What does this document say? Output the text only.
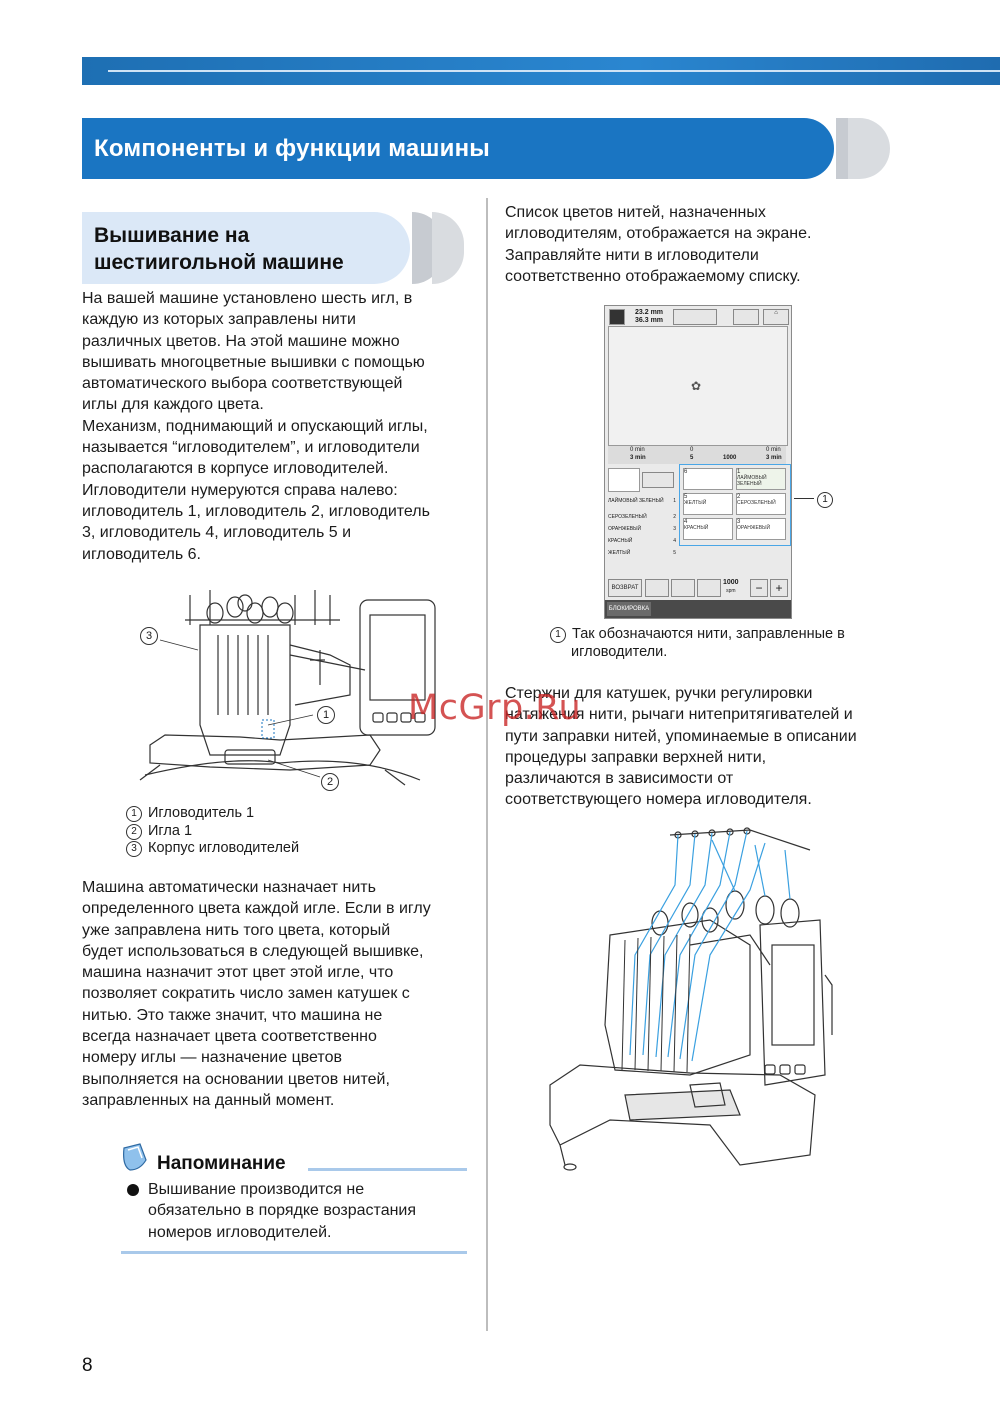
Компоненты и функции машины
Вышивание на
шестиигольной машине
На вашей машине установлено шесть игл, в
каждую из которых заправлены нити
различных цветов. На этой машине можно
вышивать многоцветные вышивки с помощью
автоматического выбора соответствующей
иглы для каждого цвета.
Механизм, поднимающий и опускающий иглы,
называется “игловодителем”, и игловодители
располагаются в корпусе игловодителей.
Игловодители нумеруются справа налево:
игловодитель 1, игловодитель 2, игловодитель
3, игловодитель 4, игловодитель 5 и
игловодитель 6.
3
1
2
1 Игловодитель 1
2 Игла 1
3 Корпус игловодителей
Машина автоматически назначает нить
определенного цвета каждой игле. Если в иглу
уже заправлена нить того цвета, который
будет использоваться в следующей вышивке,
машина назначит этот цвет этой игле, что
позволяет сократить число замен катушек с
нитью. Это также значит, что машина не
всегда назначает цвета соответственно
номеру иглы — назначение цветов
выполняется на основании цветов нитей,
заправленных на данный момент.
Напоминание
Вышивание производится не
обязательно в порядке возрастания
номеров игловодителей.
Список цветов нитей, назначенных
игловодителям, отображается на экране.
Заправляйте нити в игловодители
соответственно отображаемому списку.
23.2 mm
36.3 mm
⌂
✿
0 min
3 min
0
5	1000
0 min
3 min
6	1
ЛАЙМОВЫЙ ЗЕЛЕНЫЙ
5
ЖЕЛТЫЙ
2
СЕРОЗЕЛЕНЫЙ
4
КРАСНЫЙ
3
ОРАНЖЕВЫЙ
ЛАЙМОВЫЙ ЗЕЛЕНЫЙ 1
СЕРОЗЕЛЕНЫЙ	2
ОРАНЖЕВЫЙ	3
КРАСНЫЙ	4
ЖЕЛТЫЙ	5
ВОЗВРАТ
1000
spm	−	+
БЛОКИРОВКА
1
1 Так обозначаются нити, заправленные в
игловодители.
Стержни для катушек, ручки регулировки
натяжения нити, рычаги нитепритягивателей и
пути заправки нитей, упоминаемые в описании
процедуры заправки верхней нити,
различаются в зависимости от
соответствующего номера игловодителя.
McGrp.Ru
8
